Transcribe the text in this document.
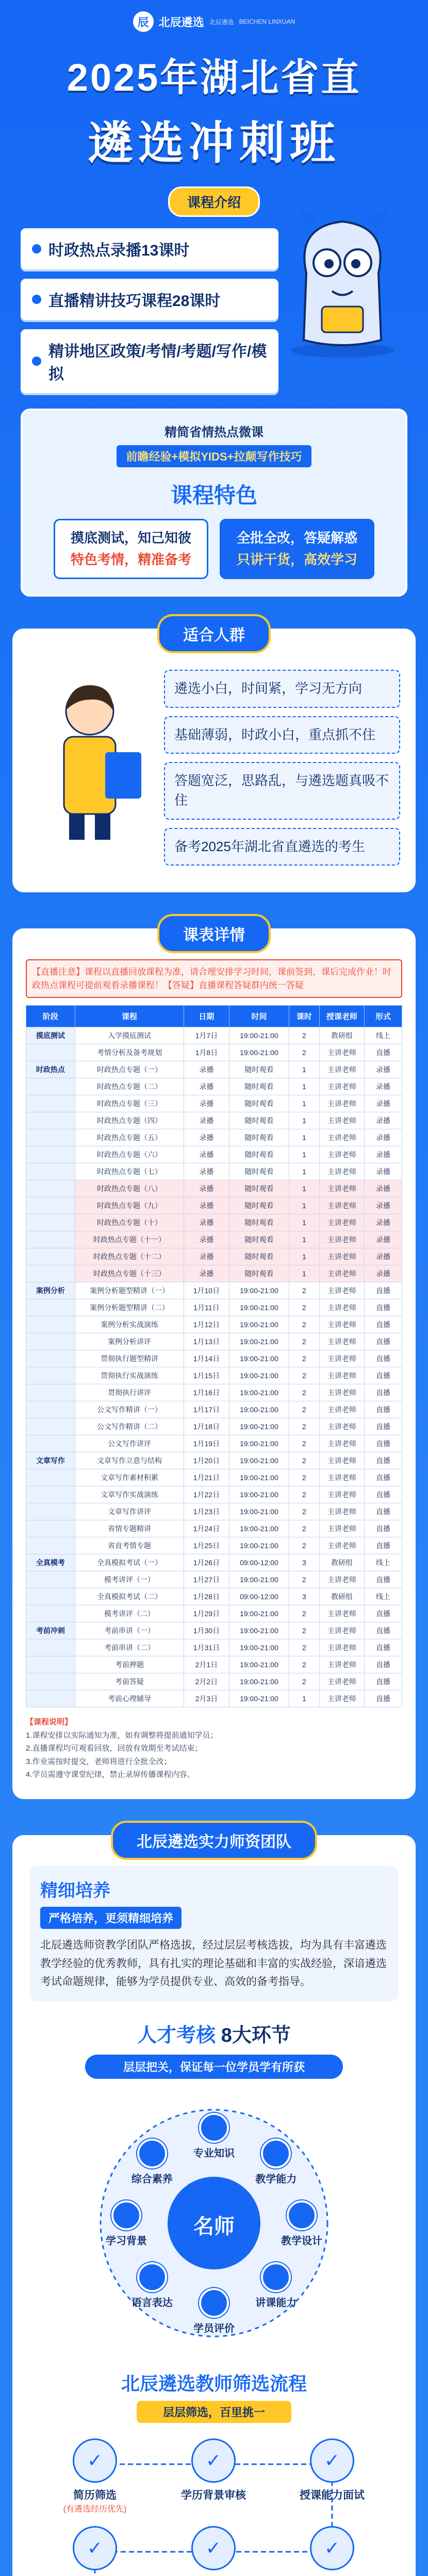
辰 北辰遴选 北辰遴选 BEICHEN LINXUAN
2025年湖北省直
遴选冲刺班
课程介绍
时政热点录播13课时
直播精讲技巧课程28课时
精讲地区政策/考情/考题/写作/模拟
精简省情热点微课
前瞻经验+模拟YIDS+拉颠写作技巧
课程特色
摸底测试，知己知彼
特色考情，精准备考
全批全改，答疑解惑
只讲干货，高效学习
适合人群
遴选小白，时间紧，学习无方向
基础薄弱，时政小白，重点抓不住
答题宽泛，思路乱，与遴选题真吸不住
备考2025年湖北省直遴选的考生
课表详情
【直播注意】课程以直播回放课程为准，请合理安排学习时间，课前签到，课后完成作业！时政热点课程可提前观看录播课程！【答疑】直播课程答疑群内统一答疑
阶段	课程	日期	时间	课时	授课老师	形式
摸底测试	入学摸底测试	1月7日	19:00-21:00	2	教研组	线上
	考情分析及备考规划	1月8日	19:00-21:00	2	主讲老师	直播
时政热点	时政热点专题（一）	录播	随时观看	1	主讲老师	录播
	时政热点专题（二）	录播	随时观看	1	主讲老师	录播
	时政热点专题（三）	录播	随时观看	1	主讲老师	录播
	时政热点专题（四）	录播	随时观看	1	主讲老师	录播
	时政热点专题（五）	录播	随时观看	1	主讲老师	录播
	时政热点专题（六）	录播	随时观看	1	主讲老师	录播
	时政热点专题（七）	录播	随时观看	1	主讲老师	录播
	时政热点专题（八）	录播	随时观看	1	主讲老师	录播
	时政热点专题（九）	录播	随时观看	1	主讲老师	录播
	时政热点专题（十）	录播	随时观看	1	主讲老师	录播
	时政热点专题（十一）	录播	随时观看	1	主讲老师	录播
	时政热点专题（十二）	录播	随时观看	1	主讲老师	录播
	时政热点专题（十三）	录播	随时观看	1	主讲老师	录播
案例分析	案例分析题型精讲（一）	1月10日	19:00-21:00	2	主讲老师	直播
	案例分析题型精讲（二）	1月11日	19:00-21:00	2	主讲老师	直播
	案例分析实战演练	1月12日	19:00-21:00	2	主讲老师	直播
	案例分析讲评	1月13日	19:00-21:00	2	主讲老师	直播
	贯彻执行题型精讲	1月14日	19:00-21:00	2	主讲老师	直播
	贯彻执行实战演练	1月15日	19:00-21:00	2	主讲老师	直播
	贯彻执行讲评	1月16日	19:00-21:00	2	主讲老师	直播
	公文写作精讲（一）	1月17日	19:00-21:00	2	主讲老师	直播
	公文写作精讲（二）	1月18日	19:00-21:00	2	主讲老师	直播
	公文写作讲评	1月19日	19:00-21:00	2	主讲老师	直播
文章写作	文章写作立意与结构	1月20日	19:00-21:00	2	主讲老师	直播
	文章写作素材积累	1月21日	19:00-21:00	2	主讲老师	直播
	文章写作实战演练	1月22日	19:00-21:00	2	主讲老师	直播
	文章写作讲评	1月23日	19:00-21:00	2	主讲老师	直播
	省情专题精讲	1月24日	19:00-21:00	2	主讲老师	直播
	省直考情专题	1月25日	19:00-21:00	2	主讲老师	直播
全真模考	全真模拟考试（一）	1月26日	09:00-12:00	3	教研组	线上
	模考讲评（一）	1月27日	19:00-21:00	2	主讲老师	直播
	全真模拟考试（二）	1月28日	09:00-12:00	3	教研组	线上
	模考讲评（二）	1月29日	19:00-21:00	2	主讲老师	直播
考前冲刺	考前串讲（一）	1月30日	19:00-21:00	2	主讲老师	直播
	考前串讲（二）	1月31日	19:00-21:00	2	主讲老师	直播
	考前押题	2月1日	19:00-21:00	2	主讲老师	直播
	考前答疑	2月2日	19:00-21:00	2	主讲老师	直播
	考前心理辅导	2月3日	19:00-21:00	1	主讲老师	直播
【课程说明】
1.课程安排以实际通知为准，如有调整将提前通知学员；
2.直播课程均可观看回放，回放有效期至考试结束；
3.作业需按时提交，老师将进行全批全改；
4.学员需遵守课堂纪律，禁止录屏传播课程内容。
北辰遴选实力师资团队
精细培养
严格培养，更须精细培养

北辰遴选师资教学团队严格选拔，经过层层考核选拔，均为具有丰富遴选教学经验的优秀教师，具有扎实的理论基础和丰富的实战经验，深谙遴选考试命题规律，能够为学员提供专业、高效的备考指导。

人才考核 8大环节
层层把关，保证每一位学员学有所获
专业知识
教学能力
教学设计
讲课能力
学员评价
语言表达
学习背景
综合素养
名师
北辰遴选教师筛选流程
层层筛选，百里挑一
✓
简历筛选
(有遴选经历优先)
✓
学历背景审核
✓
授课能力面试
✓
✓
✓
